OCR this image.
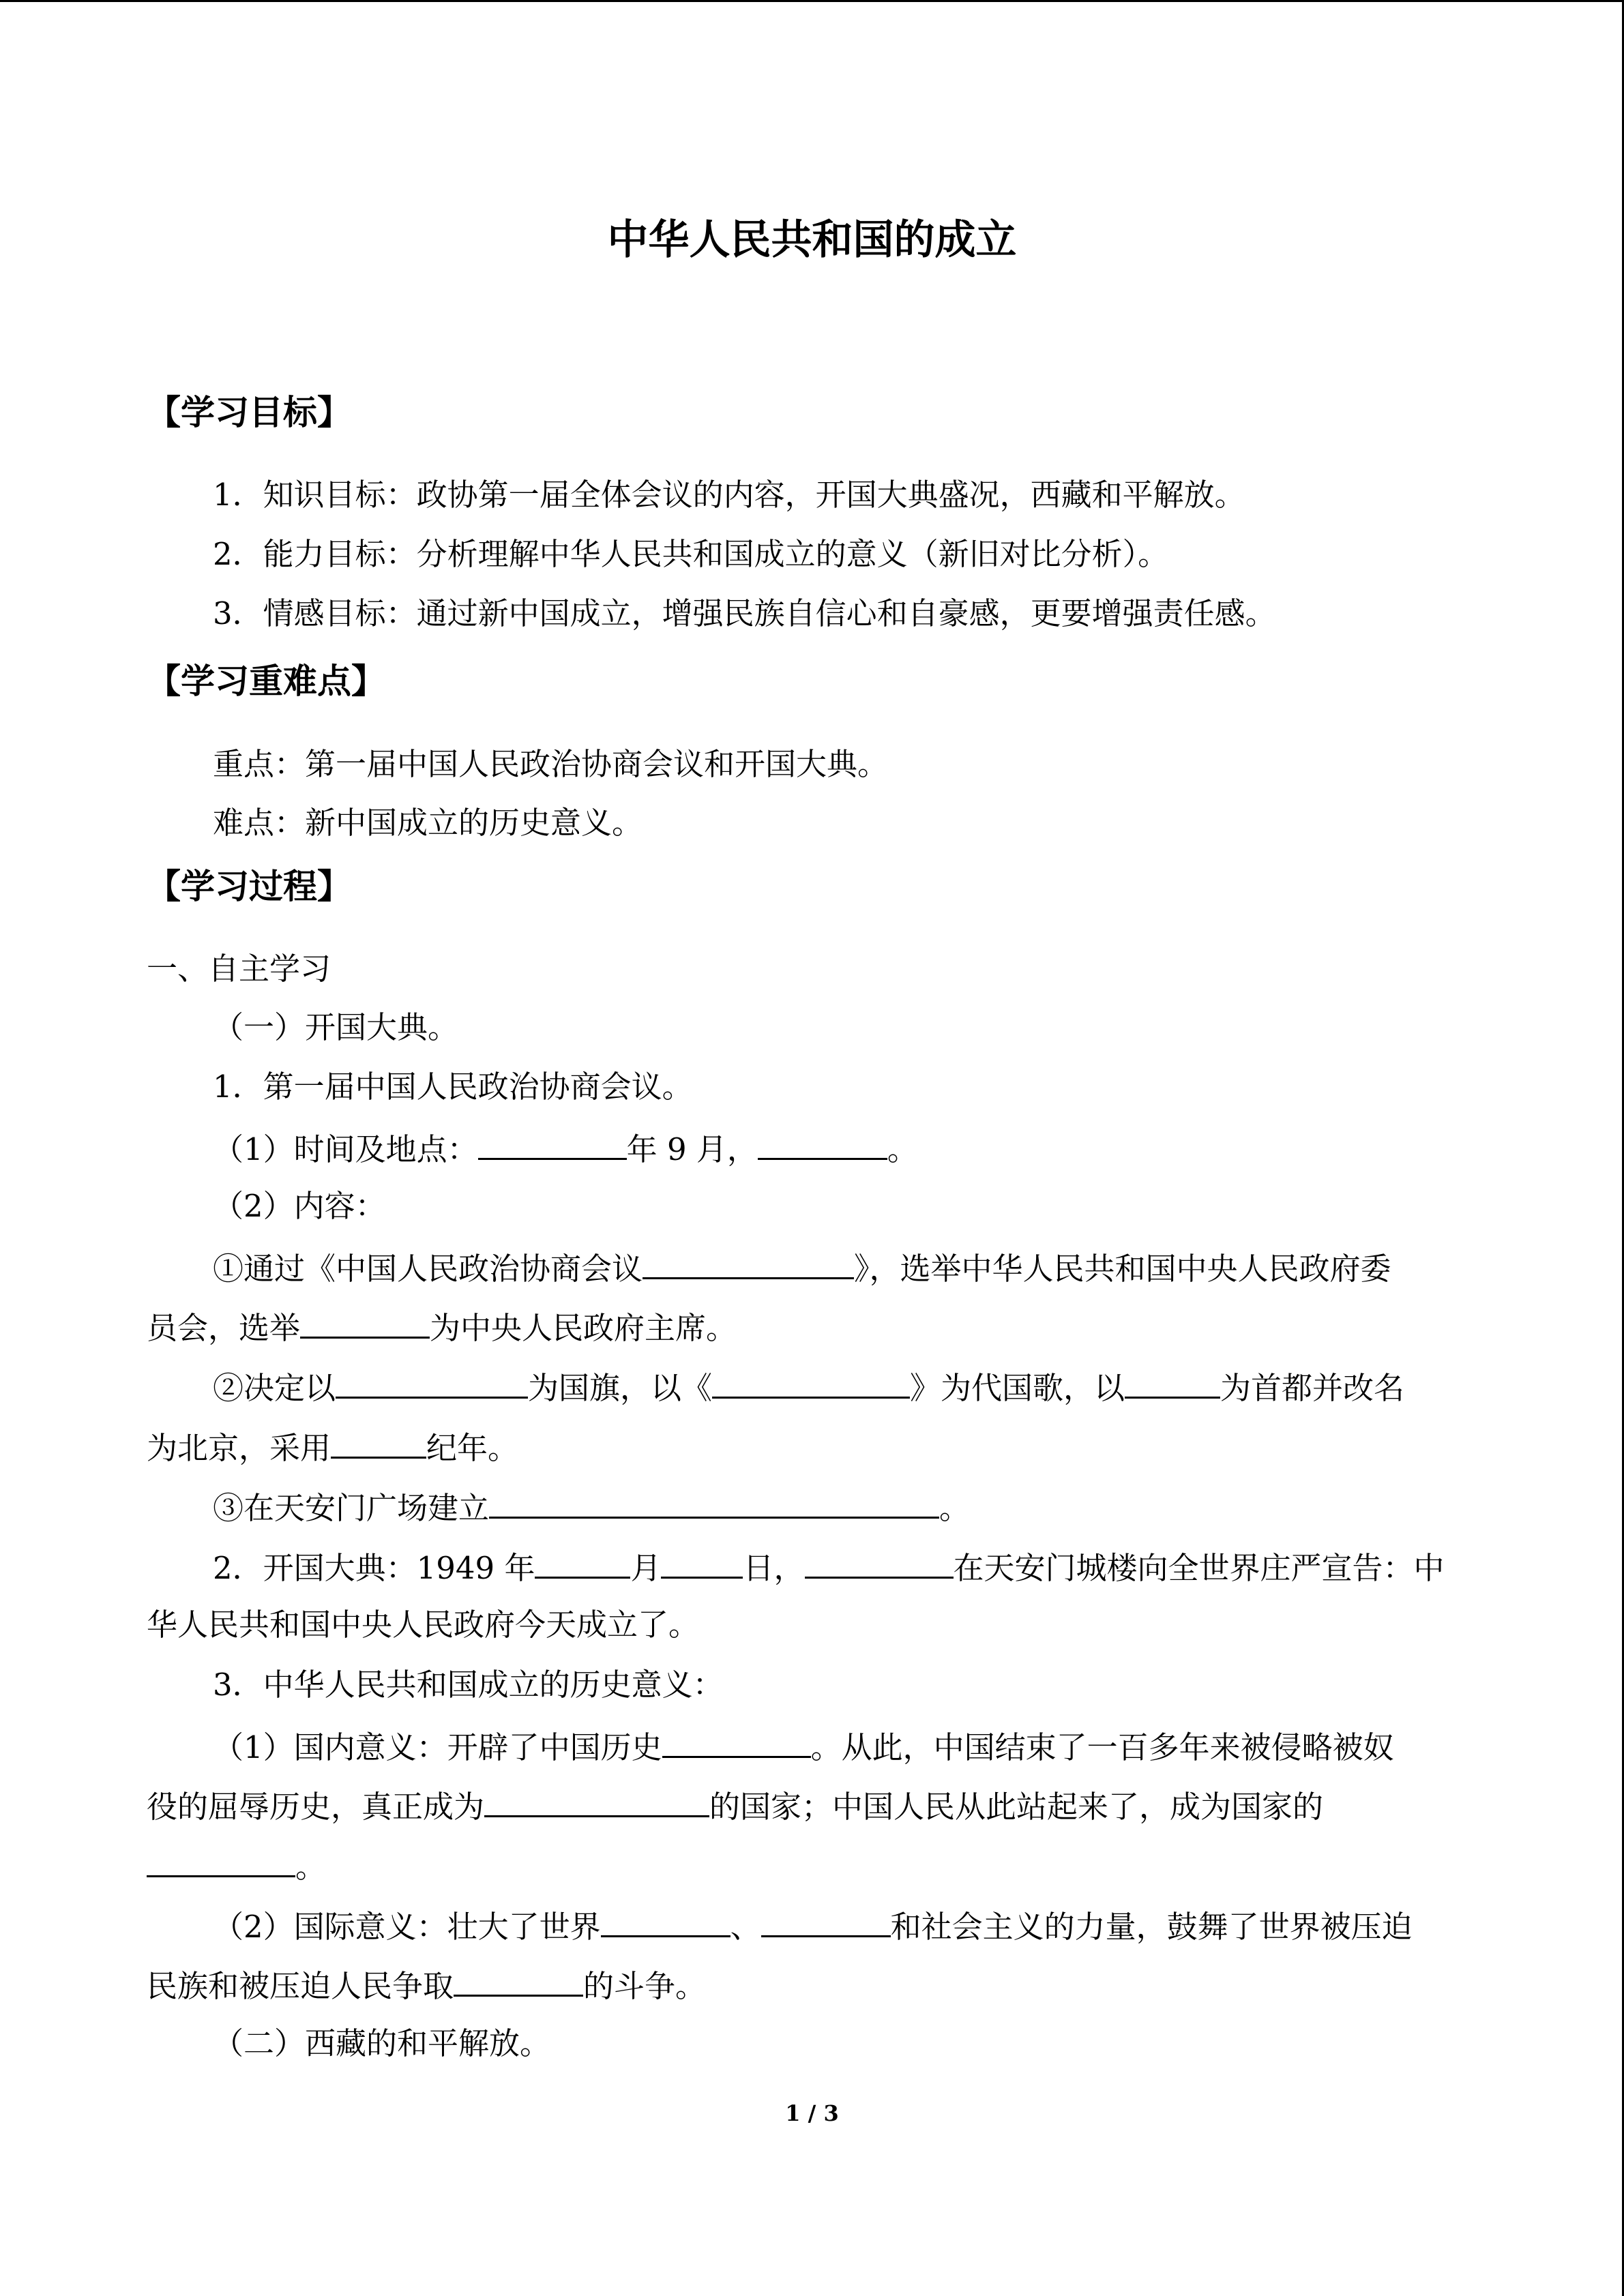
中华人民共和国的成立
【学习目标】
1．知识目标：政协第一届全体会议的内容，开国大典盛况，西藏和平解放。
2．能力目标：分析理解中华人民共和国成立的意义（新旧对比分析）。
3．情感目标：通过新中国成立，增强民族自信心和自豪感，更要增强责任感。
【学习重难点】
重点：第一届中国人民政治协商会议和开国大典。
难点：新中国成立的历史意义。
【学习过程】
一、自主学习
（一）开国大典。
1．第一届中国人民政治协商会议。
（1）时间及地点：	年 9 月，	。
（2）内容：
①通过《中国人民政治协商会议	》，选举中华人民共和国中央人民政府委
员会，选举	为中央人民政府主席。
②决定以	为国旗，以《	》为代国歌，以	为首都并改名
为北京，采用	纪年。
③在天安门广场建立	。
2．开国大典：1949 年	月	日，	在天安门城楼向全世界庄严宣告：中
华人民共和国中央人民政府今天成立了。
3．中华人民共和国成立的历史意义：
（1）国内意义：开辟了中国历史	。从此，中国结束了一百多年来被侵略被奴
役的屈辱历史，真正成为	的国家；中国人民从此站起来了，成为国家的
。
（2）国际意义：壮大了世界	、	和社会主义的力量，鼓舞了世界被压迫
民族和被压迫人民争取	的斗争。
（二）西藏的和平解放。
1 / 3
